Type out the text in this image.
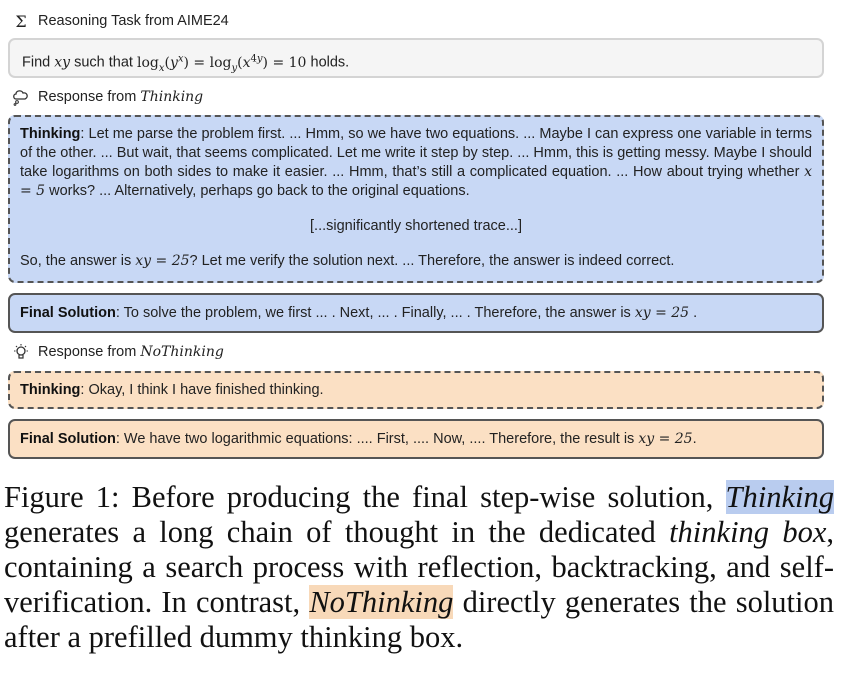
Σ Reasoning Task from AIME24
Find xy such that $\log_x(y^x) = \log_y(x^{4y}) = 10$ holds.
Response from
Thinking
Thinking: Let me parse the problem first. ... Hmm, so we have two equations. ... Maybe I can express one variable in terms of the other. ... But wait, that seems complicated. Let me write it step by step. ... Hmm, this is getting messy. Maybe I should take logarithms on both sides to make it easier. ... Hmm, that’s still a complicated equation. ... How about trying whether x = 5 works? ... Alternatively, perhaps go back to the original equations.
[...significantly shortened trace...]
So, the answer is xy = 25? Let me verify the solution next. ... Therefore, the answer is indeed correct.
Final Solution: To solve the problem, we first ... . Next, ... . Finally, ... . Therefore, the answer is xy = 25 .
Response from
NoThinking
Thinking: Okay, I think I have finished thinking.
Final Solution: We have two logarithmic equations: .... First, .... Now, .... Therefore, the result is xy = 25.
Figure 1: Before producing the final step-wise solution, Thinking generates a long chain of thought in the dedicated thinking box, containing a search process with reflection, backtracking, and self-verification. In contrast, NoThinking directly generates the solution after a prefilled dummy thinking box.
